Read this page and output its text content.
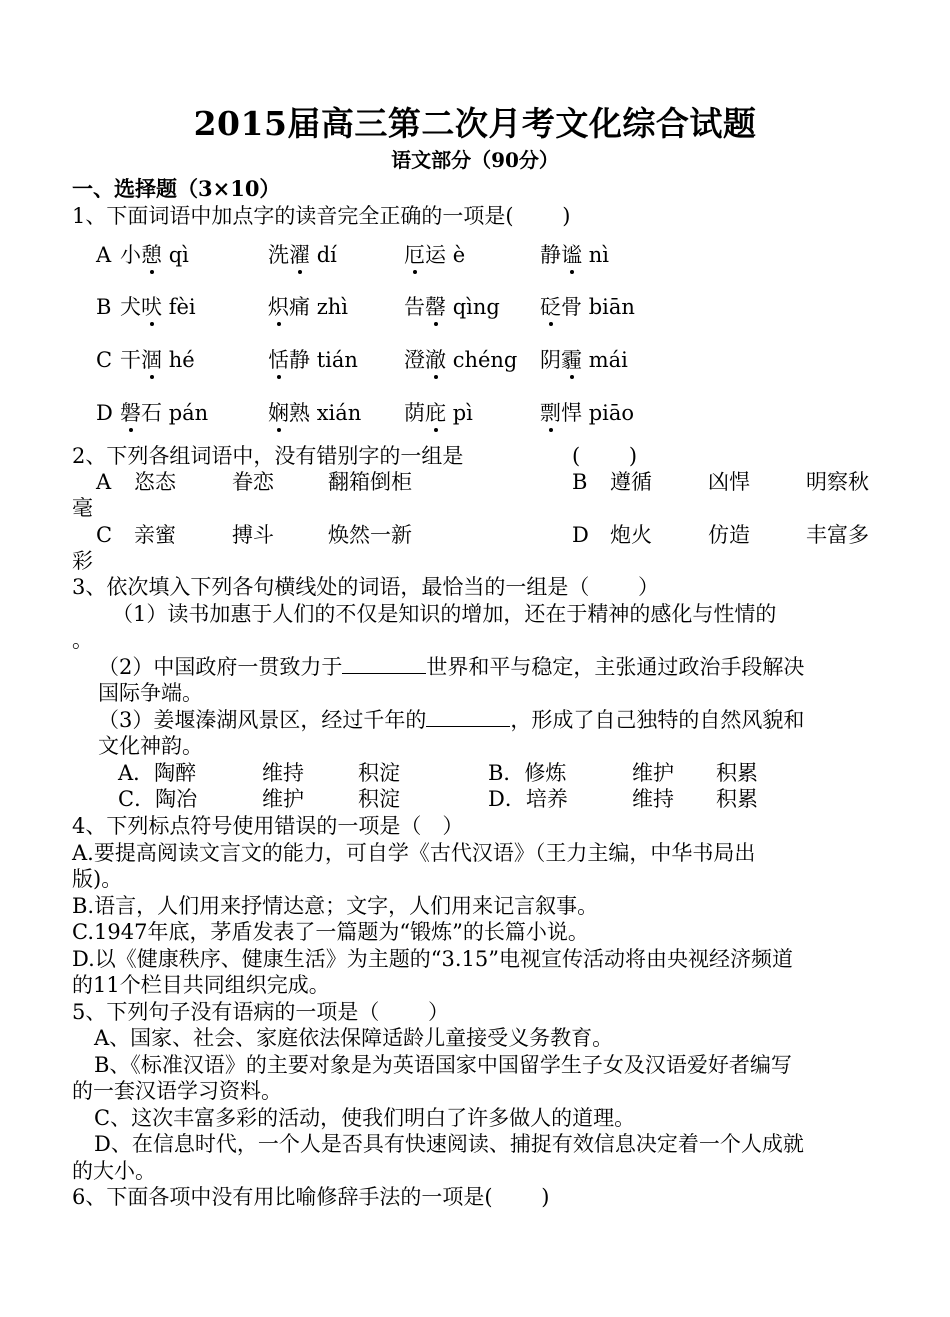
2015届高三第二次月考文化综合试题
语文部分（90分）
一、选择题（3×10）
1、下面词语中加点字的读音完全正确的一项是(　　 )
A 小憩 qì	洗濯 dí	厄运 è	静谧 nì
B 犬吠 fèi	炽痛 zhì	告罄 qìng 砭骨 biān
C 干涸 hé	恬静 tián 澄澈 chéng 阴霾 mái
D 磐石 pán	娴熟 xián 荫庇 pì	剽悍 piāo
2、下列各组词语中，没有错别字的一组是	(　　 )
A 恣态	眷恋	翻箱倒柜	B 遵循	凶悍	明察秋
毫
C 亲蜜	搏斗	焕然一新	D 炮火	仿造	丰富多
彩
3、依次填入下列各句横线处的词语，最恰当的一组是（　　 ）
（1）读书加惠于人们的不仅是知识的增加，还在于精神的感化与性情的
。
（2）中国政府一贯致力于	世界和平与稳定，主张通过政治手段解决
国际争端。
（3）姜堰溱湖风景区，经过千年的	，形成了自己独特的自然风貌和
文化神韵。
A．陶醉	维持	积淀	B．修炼	维护 积累
C．陶冶	维护	积淀	D．培养	维持 积累
4、下列标点符号使用错误的一项是（　）
A.要提高阅读文言文的能力，可自学《古代汉语》（王力主编，中华书局出
版)。
B.语言，人们用来抒情达意；文字，人们用来记言叙事。
C.1947年底，茅盾发表了一篇题为“锻炼”的长篇小说。
D.以《健康秩序、健康生活》为主题的“3.15”电视宣传活动将由央视经济频道
的11个栏目共同组织完成。
5、下列句子没有语病的一项是（　　 ）
A、国家、社会、家庭依法保障适龄儿童接受义务教育。
B、《标准汉语》的主要对象是为英语国家中国留学生子女及汉语爱好者编写
的一套汉语学习资料。
C、这次丰富多彩的活动，使我们明白了许多做人的道理。
D、在信息时代，一个人是否具有快速阅读、捕捉有效信息决定着一个人成就
的大小。
6、下面各项中没有用比喻修辞手法的一项是(　　 )
